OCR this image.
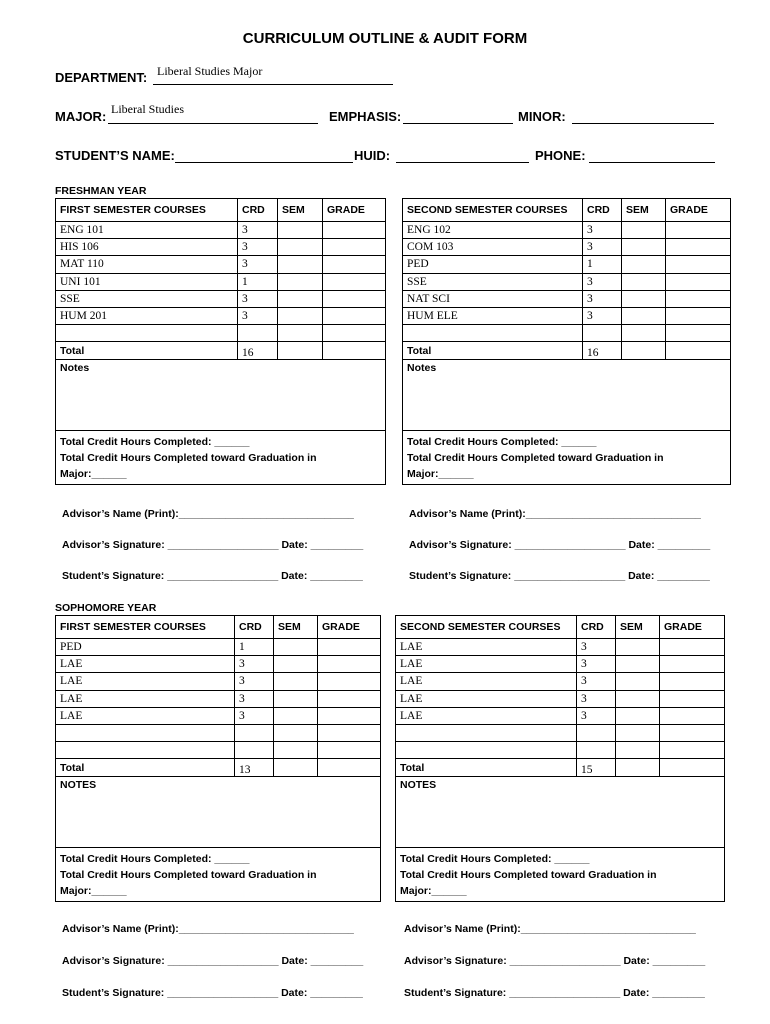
CURRICULUM OUTLINE & AUDIT FORM
DEPARTMENT: Liberal Studies Major
MAJOR: Liberal Studies	EMPHASIS:	MINOR:
STUDENT’S NAME:	HUID:	PHONE:
FRESHMAN YEAR
FIRST SEMESTER COURSES	CRD	SEM	GRADE
ENG 101	3		
HIS 106	3		
MAT 110	3		
UNI 101	1		
SSE	3		
HUM 201	3		

Total	16		
Notes			

Total Credit Hours Completed: ______
Total Credit Hours Completed toward Graduation in Major:______			
SECOND SEMESTER COURSES	CRD	SEM	GRADE
ENG 102	3		
COM 103	3		
PED	1		
SSE	3		
NAT SCI	3		
HUM ELE	3		

Total	16		
Notes			

Total Credit Hours Completed: ______
Total Credit Hours Completed toward Graduation in Major:______			
Advisor’s Name (Print):______________________________
Advisor’s Signature: ___________________ Date: _________
Student’s Signature: ___________________ Date: _________
Advisor’s Name (Print):______________________________
Advisor’s Signature: ___________________ Date: _________
Student’s Signature: ___________________ Date: _________
SOPHOMORE YEAR
FIRST SEMESTER COURSES	CRD	SEM	GRADE
PED	1		
LAE	3		
LAE	3		
LAE	3		
LAE	3		

Total	13		
NOTES			

Total Credit Hours Completed: ______
Total Credit Hours Completed toward Graduation in Major:______			
SECOND SEMESTER COURSES	CRD	SEM	GRADE
LAE	3		
LAE	3		
LAE	3		
LAE	3		
LAE	3		

Total	15		
NOTES			

Total Credit Hours Completed: ______
Total Credit Hours Completed toward Graduation in Major:______			
Advisor’s Name (Print):______________________________
Advisor’s Signature: ___________________ Date: _________
Student’s Signature: ___________________ Date: _________
Advisor’s Name (Print):______________________________
Advisor’s Signature: ___________________ Date: _________
Student’s Signature: ___________________ Date: _________
